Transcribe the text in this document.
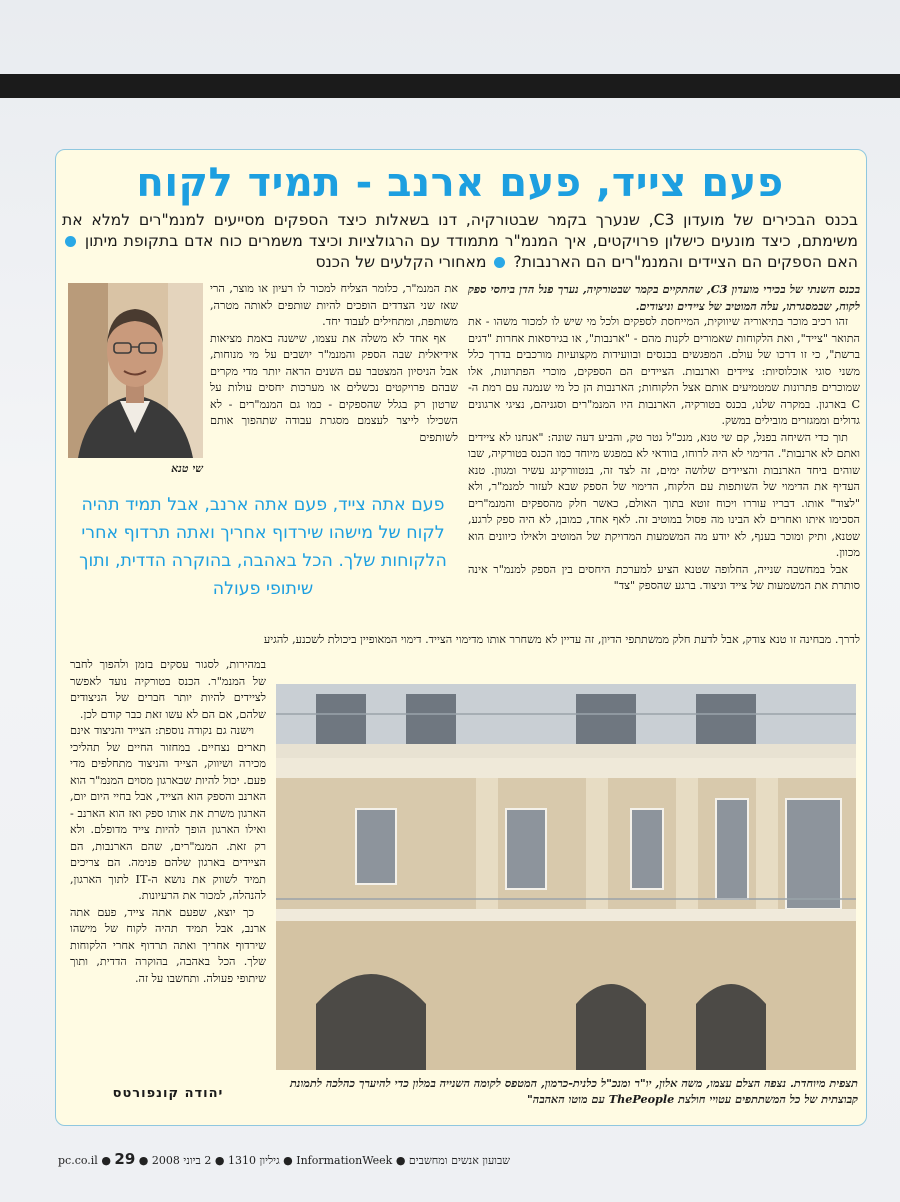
פעם צייד, פעם ארנב - תמיד לקוח
בכנס הבכירים של מועדון C3, שנערך בקמר שבטורקיה, דנו בשאלות כיצד הספקים מסייעים למנמ"רים למלא את משימתם, כיצד מונעים כישלון פרויקטים, איך המנמ"ר מתמודד עם הרגולציות וכיצד משמרים כוח אדם בתקופת מיתון  האם הספקים הם הציידים והמנמ"רים הם הארנבות?  מאחורי הקלעים של הכנס

בכנס השנתי של בכירי מועדון C3, שהתקיים בקמר שבטורקיה, נערך פנל הדן ביחסי ספק לקוח, שבמסגרתו, עלה המוטיב של ציידים וניצודים.

זהו רכיב מוכר בתיאוריה שיווקית, המייחסת לספקים ולכל מי שיש לו למכור משהו - את התואר "צייד", ואת הלקוחות שאמורים לקנות מהם - "ארנבות", או בגירסאות אחרות "דגים ברשת", כי זו דרכו של עולם. המפגשים בכנסים ובוועידות מקצועיות מורכבים בדרך כלל משני סוגי אוכלוסיות: ציידים וארנבות. הציידים הם הספקים, מוכרי הפתרונות, אלו שמוכרים פתרונות שמטמיעים אותם אצל הלקוחות; הארנבות הן כל מי שנמנה עם רמת ה-C בארגון. במקרה שלנו, בכנס בטורקיה, הארנבות היו המנמ"רים וסגניהם, נציגי ארגונים גדולים וממגזרים מובילים במשק.

תוך כדי השיחה בפנל, קם שי טנא, מנכ"ל גטר טק, והביע דעה שונה: "אנחנו לא ציידים ואתם לא ארנבות". הדימוי לא היה לרוחו, בוודאי לא במפגש מיוחד כמו הכנס בטורקיה, שבו שוהים ביחד הארנבות והציידים שלושה ימים, זה לצד זה, בנטוורקינג עשיר ומגוון. טנא העדיף את הדימוי של השותפות עם הלקוח, הדימוי של הספק שבא לעזור למנמ"ר, ולא "לצוד" אותו. דבריו עוררו ויכוח זוטא בתוך האולם, כאשר חלק מהספקים והמנמ"רים הסכימו איתו ואחרים לא הבינו מה פסול במוטיב זה. לאף אחד, כמובן, לא היה ספק לרגע, שטנא, ותיק ומוכר בענף, לא יודע מה המשמעות המדויקת של המוטיב ולאילו כיוונים הוא מכוון.

אבל במחשבה שנייה, החלופה שטנא הציע למערכת היחסים בין הספק למנמ"ר אינה סותרת את המשמעות של צייד וניצוד. ברגע שהספק "צד"

את המנמ"ר, כלומר הצליח למכור לו רעיון או מוצר, הרי שאז שני הצדדים הופכים להיות שותפים לאותה מטרה, משותפת, ומתחילים לעבוד יחד.

אף אחד לא משלה את עצמו, שישנה באמת מציאות אידיאלית שבה הספק והמנמ"ר יושבים על מי מנוחות, אבל הניסיון המצטבר עם השנים הראה יותר מדי מקרים שבהם פרויקטים נכשלים או מערכות יחסים עולות על שרטון רק בגלל שהספקים - כמו גם המנמ"רים - לא השכילו לייצר לעצמם מסגרת עבודה שתהפוך אותם לשותפים

שי טנא
פעם אתה צייד, פעם אתה ארנב, אבל תמיד תהיה לקוח של מישהו שירדוף אחריך ואתה תרדוף אחרי הלקוחות שלך. הכל באהבה, בהוקרה הדדית, ותוך שיתופי פעולה

לדרך. מבחינה זו טנא צודק, אבל לדעת חלק ממשתתפי הדיון, זה עדיין לא משחרר אותו מדימוי הצייד. דימוי המאופיין ביכולת לשכנע, להגיע

במהירות, לסגור עסקים בזמן ולהפוך לחבר של המנמ"ר. הכנס בטורקיה נועד לאפשר לציידים להיות יותר חברים של הניצודים שלהם, אם הם לא עשו זאת כבר קודם לכן.

וישנה גם נקודה נוספת: הצייד והניצוד אינם תארים נצחיים. במחזור החיים של תהליכי מכירה ושיווק, הצייד והניצוד מתחלפים מדי פעם. יכול להיות שבארגון מסוים המנמ"ר הוא הארנב והספק הוא הצייד, אבל בחיי היום יום, הארגון משרת את אותו ספק ואז הוא הארנב - ואילו הארגון הופך להיות צייד מדופלם. ולא רק זאת. המנמ"רים, שהם הארנבות, הם הציידים בארגון שלהם פנימה. הם צריכים תמיד לשווק את נושא ה-IT לתוך הארגון, להנהלה, למכור את הרעיונות.

כך יוצא, שפעם אתה צייד, פעם אתה ארנב, אבל תמיד תהיה לקוח של מישהו שירדוף אחריך ואתה תרדוף אחרי הלקוחות שלך. הכל באהבה, בהוקרה הדדית, ותוך שיתופי פעולה. ותחשבו על זה.

תצפית מיוחדת. נצפה הצלם עצמו, משה אלון, יו"ר ומנכ"ל כלנית-כרמון, המטפס לקומה השנייה במלון כדי להיערך כהלכה לתמונת קבוצתית של כל המשתתפים עטויי חולצת ThePeople עם מוטו האהבה"
יהודה קונפורטס
שבועון אנשים ומחשבים ● InformationWeek ● גיליון 1310 ● 2 ביוני 2008 ● pc.co.il ● 29
